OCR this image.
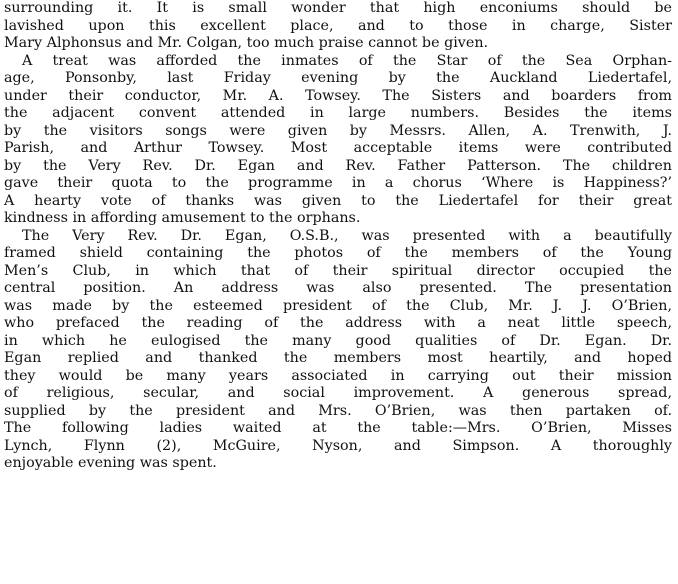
surrounding it. It is small wonder that high enconiums should be
lavished upon this excellent place, and to those in charge, Sister
Mary Alphonsus and Mr. Colgan, too much praise cannot be given.
A treat was afforded the inmates of the Star of the Sea Orphan-
age, Ponsonby, last Friday evening by the Auckland Liedertafel,
under their conductor, Mr. A. Towsey. The Sisters and boarders from
the adjacent convent attended in large numbers. Besides the items
by the visitors songs were given by Messrs. Allen, A. Trenwith, J.
Parish, and Arthur Towsey. Most acceptable items were contributed
by the Very Rev. Dr. Egan and Rev. Father Patterson. The children
gave their quota to the programme in a chorus ‘Where is Happiness?’
A hearty vote of thanks was given to the Liedertafel for their great
kindness in affording amusement to the orphans.
The Very Rev. Dr. Egan, O.S.B., was presented with a beautifully
framed shield containing the photos of the members of the Young
Men’s Club, in which that of their spiritual director occupied the
central position. An address was also presented. The presentation
was made by the esteemed president of the Club, Mr. J. J. O’Brien,
who prefaced the reading of the address with a neat little speech,
in which he eulogised the many good qualities of Dr. Egan. Dr.
Egan replied and thanked the members most heartily, and hoped
they would be many years associated in carrying out their mission
of religious, secular, and social improvement. A generous spread,
supplied by the president and Mrs. O’Brien, was then partaken of.
The following ladies waited at the table:—Mrs. O’Brien, Misses
Lynch, Flynn (2), McGuire, Nyson, and Simpson. A thoroughly
enjoyable evening was spent.
